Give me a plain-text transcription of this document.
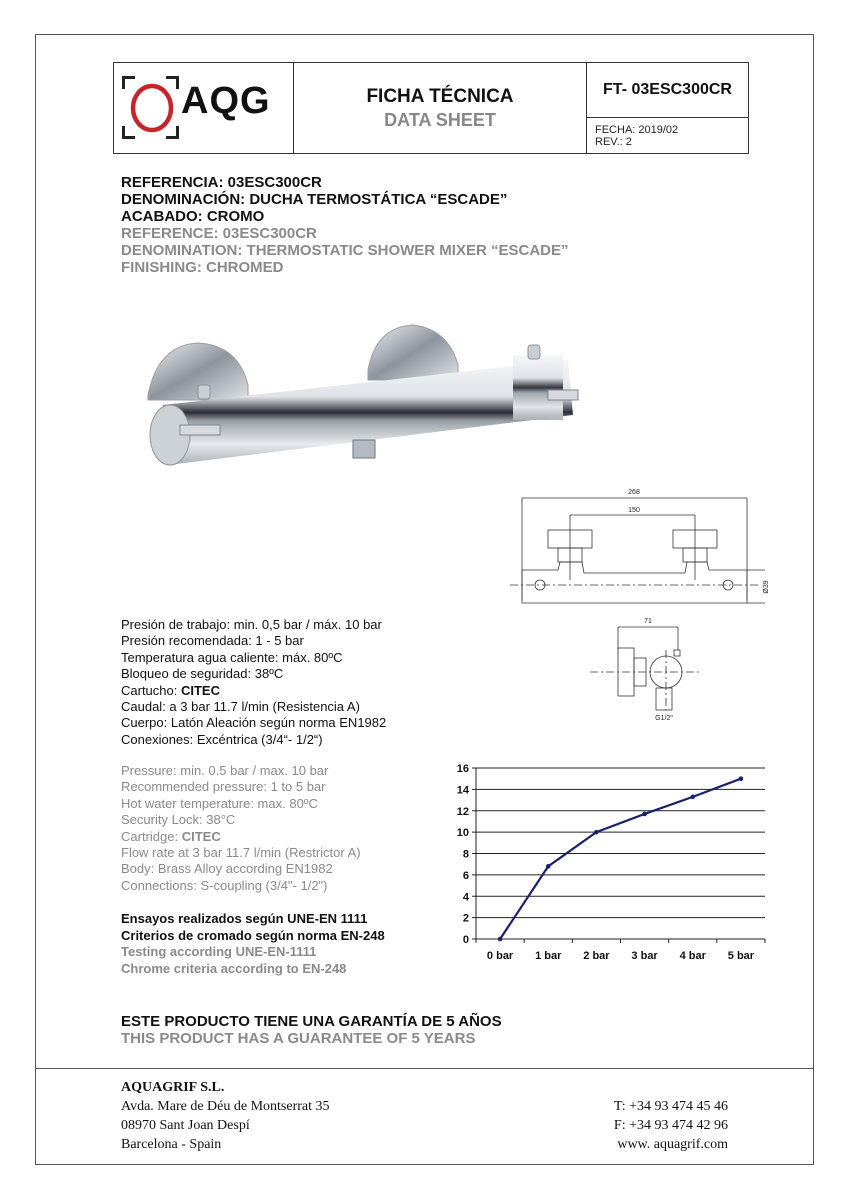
AQG	FICHA TÉCNICA
DATA SHEET
FT- 03ESC300CR
FECHA: 2019/02
REV.: 2
REFERENCIA: 03ESC300CR
DENOMINACIÓN: DUCHA TERMOSTÁTICA “ESCADE”
ACABADO: CROMO
REFERENCE: 03ESC300CR
DENOMINATION: THERMOSTATIC SHOWER MIXER “ESCADE”
FINISHING: CHROMED
268
150
Ø39
71
G1/2"
Presión de trabajo: min. 0,5 bar / máx. 10 bar
Presión recomendada: 1 - 5 bar
Temperatura agua caliente: máx. 80ºC
Bloqueo de seguridad: 38ºC
Cartucho: CITEC
Caudal: a 3 bar 11.7 l/min (Resistencia A)
Cuerpo: Latón Aleación según norma EN1982
Conexiones: Excéntrica (3/4“- 1/2“)
Pressure: min. 0.5 bar / max. 10 bar
Recommended pressure: 1 to 5 bar
Hot water temperature: max. 80ºC
Security Lock: 38°C
Cartridge: CITEC
Flow rate at 3 bar 11.7 l/min (Restrictor A)
Body: Brass Alloy according EN1982
Connections: S-coupling (3/4"- 1/2")
Ensayos realizados según UNE-EN 1111
Criterios de cromado según norma EN-248
Testing according UNE-EN-1111
Chrome criteria according to EN-248
0
2
4
6
8
10
12
14
16
0 bar 1 bar 2 bar 3 bar 4 bar 5 bar
ESTE PRODUCTO TIENE UNA GARANTÍA DE 5 AÑOS
THIS PRODUCT HAS A GUARANTEE OF 5 YEARS
AQUAGRIF S.L.
Avda. Mare de Déu de Montserrat 35
08970 Sant Joan Despí
Barcelona - Spain
T: +34 93 474 45 46
F: +34 93 474 42 96
www. aquagrif.com
